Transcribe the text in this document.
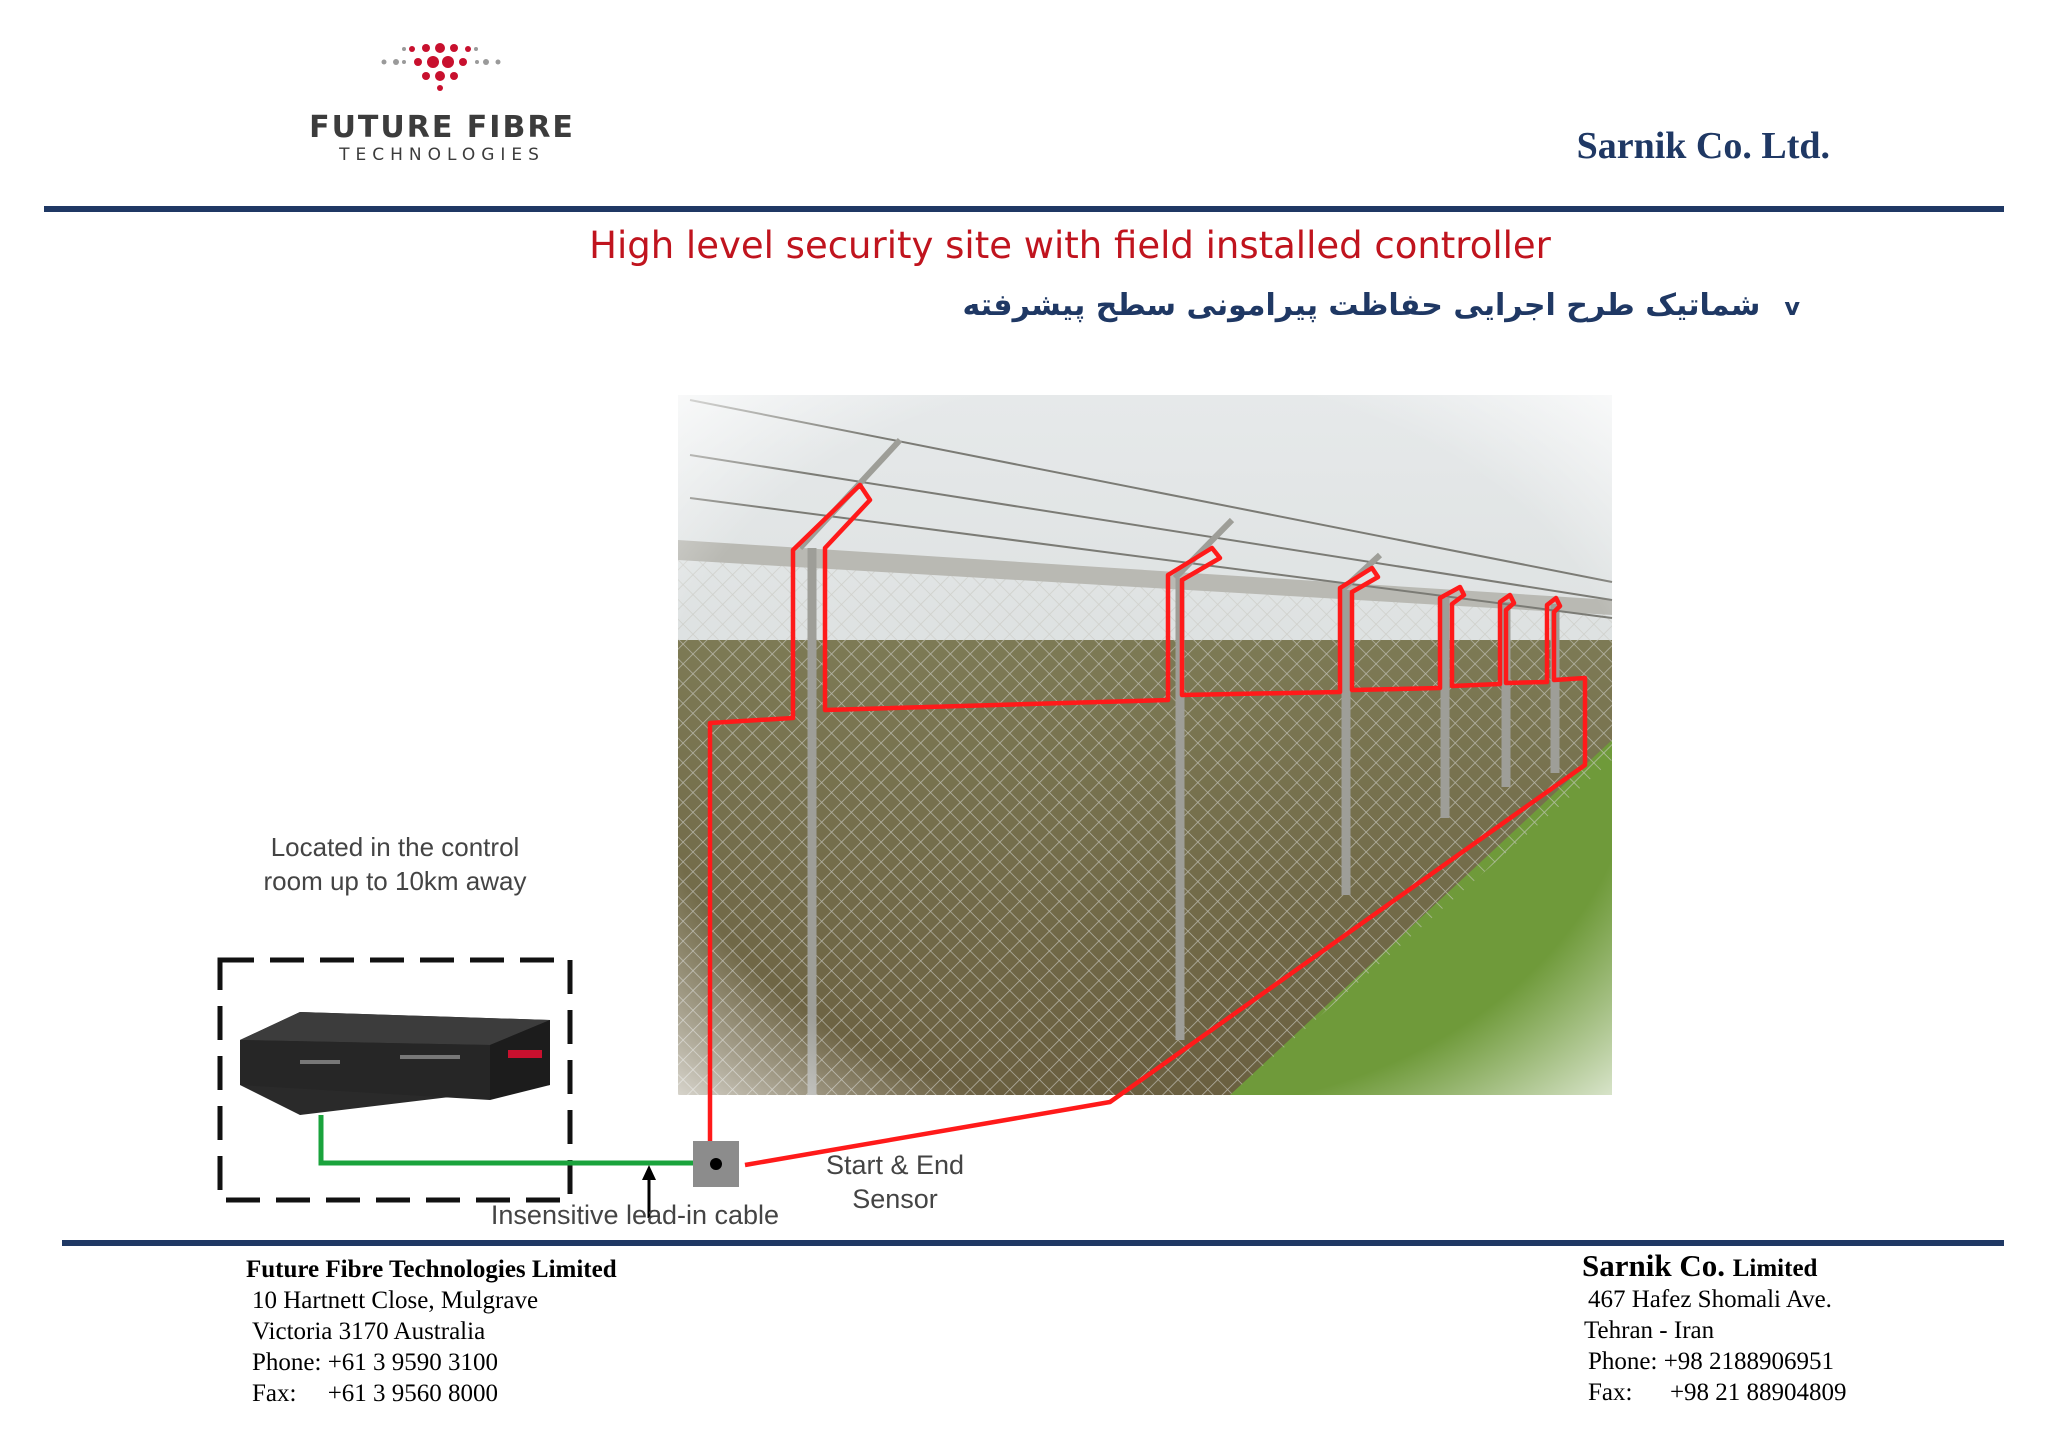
FUTURE FIBRE
TECHNOLOGIES	Sarnik Co. Ltd.
High level security site with field installed controller
شماتیک طرح اجرایی حفاظت پیرامونی سطح پیشرفته v
Located in the control room up to 10km away
Start & End Sensor
Insensitive lead-in cable
Future Fibre Technologies Limited
10 Hartnett Close, Mulgrave
Victoria 3170 Australia
Phone: +61 3 9590 3100
Fax:     +61 3 9560 8000
Sarnik Co. Limited
467 Hafez Shomali Ave.
Tehran - Iran
Phone: +98 2188906951
Fax:      +98 21 88904809
